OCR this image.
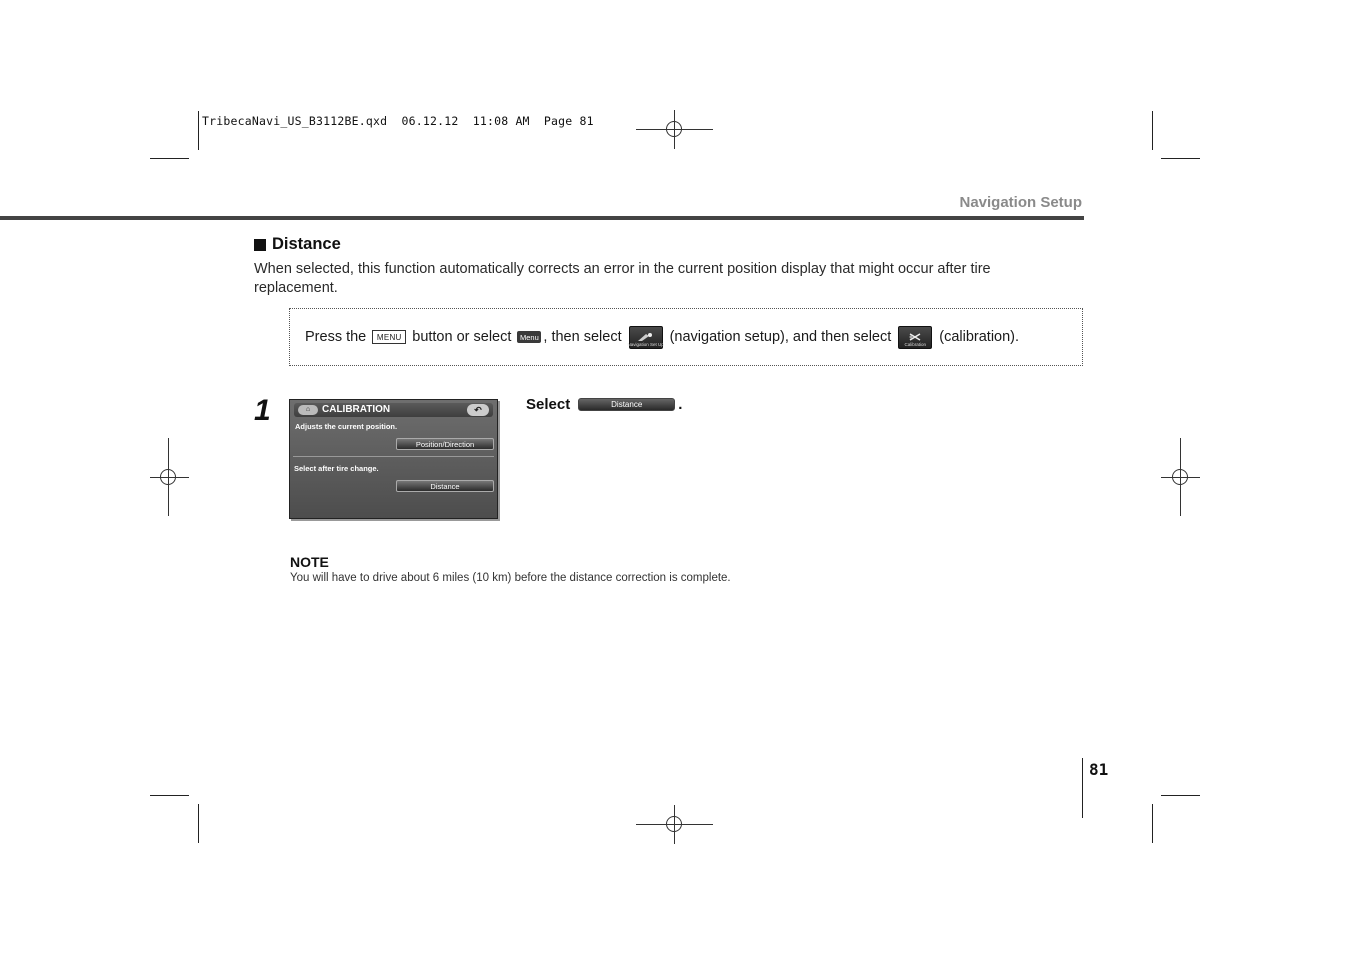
TribecaNavi_US_B3112BE.qxd  06.12.12  11:08 AM  Page 81
Navigation Setup
Distance
When selected, this function automatically corrects an error in the current position display that might occur after tire replacement.
Press the	MENU button or select	Menu , then select Navigation Set Up (navigation setup), and then select	Calibration (calibration).
1	⌂	CALIBRATION	↶
Adjusts the current position.
Position/Direction
Select after tire change.
Distance
Select	Distance	.
NOTE
You will have to drive about 6 miles (10 km) before the distance correction is complete.
81
